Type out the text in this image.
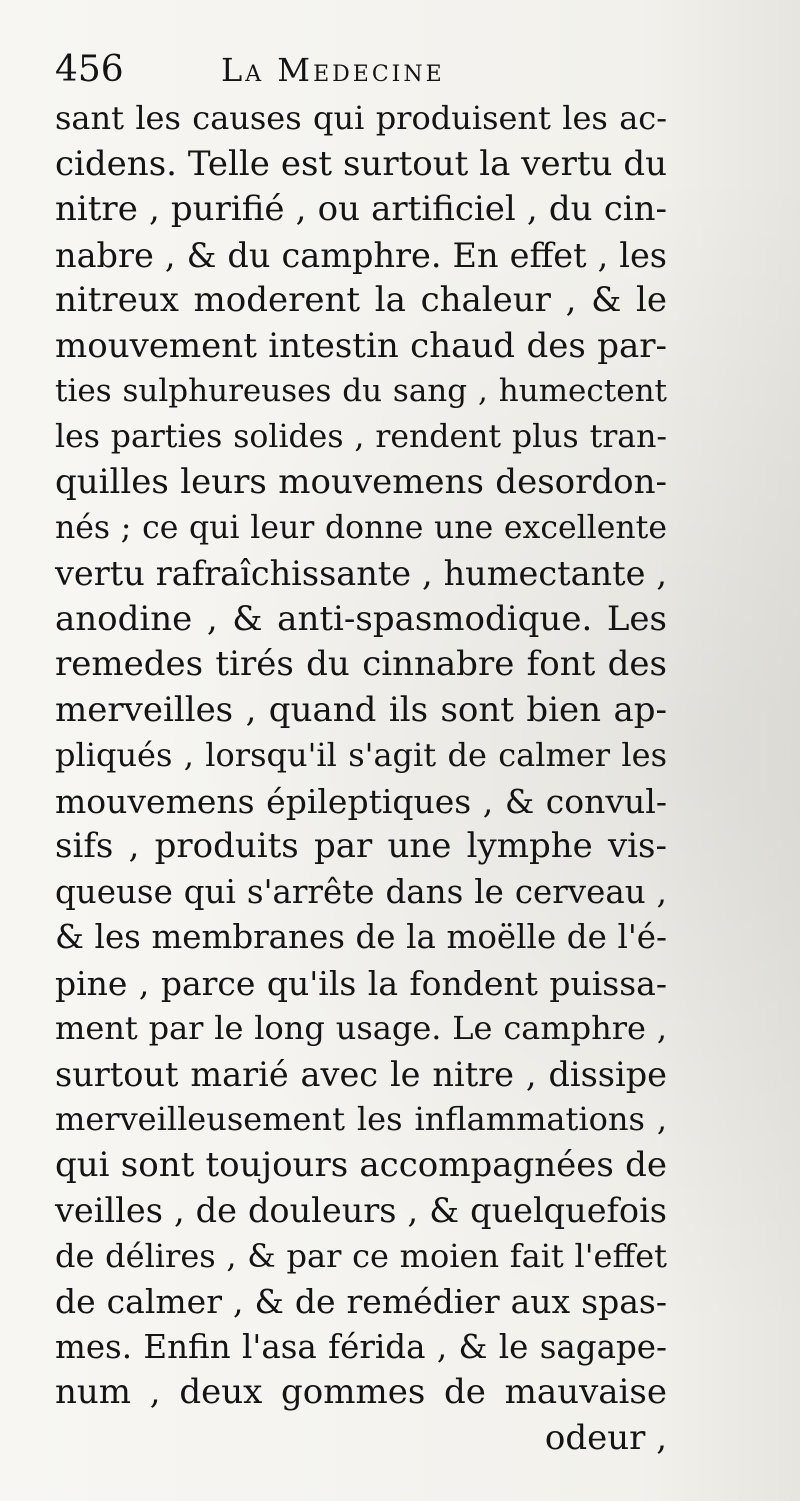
456	La Medecine
sant les causes qui produisent les ac-
cidens. Telle est surtout la vertu du
nitre , purifié , ou artificiel , du cin-
nabre , & du camphre. En effet , les
nitreux moderent la chaleur , & le
mouvement intestin chaud des par-
ties sulphureuses du sang , humectent
les parties solides , rendent plus tran-
quilles leurs mouvemens desordon-
nés ; ce qui leur donne une excellente
vertu rafraîchissante , humectante ,
anodine , & anti-spasmodique. Les
remedes tirés du cinnabre font des
merveilles , quand ils sont bien ap-
pliqués , lorsqu'il s'agit de calmer les
mouvemens épileptiques , & convul-
sifs , produits par une lymphe vis-
queuse qui s'arrête dans le cerveau ,
& les membranes de la moëlle de l'é-
pine , parce qu'ils la fondent puissa-
ment par le long usage. Le camphre ,
surtout marié avec le nitre , dissipe
merveilleusement les inflammations ,
qui sont toujours accompagnées de
veilles , de douleurs , & quelquefois
de délires , & par ce moien fait l'effet
de calmer , & de remédier aux spas-
mes. Enfin l'asa férida , & le sagape-
num , deux gommes de mauvaise
odeur ,
